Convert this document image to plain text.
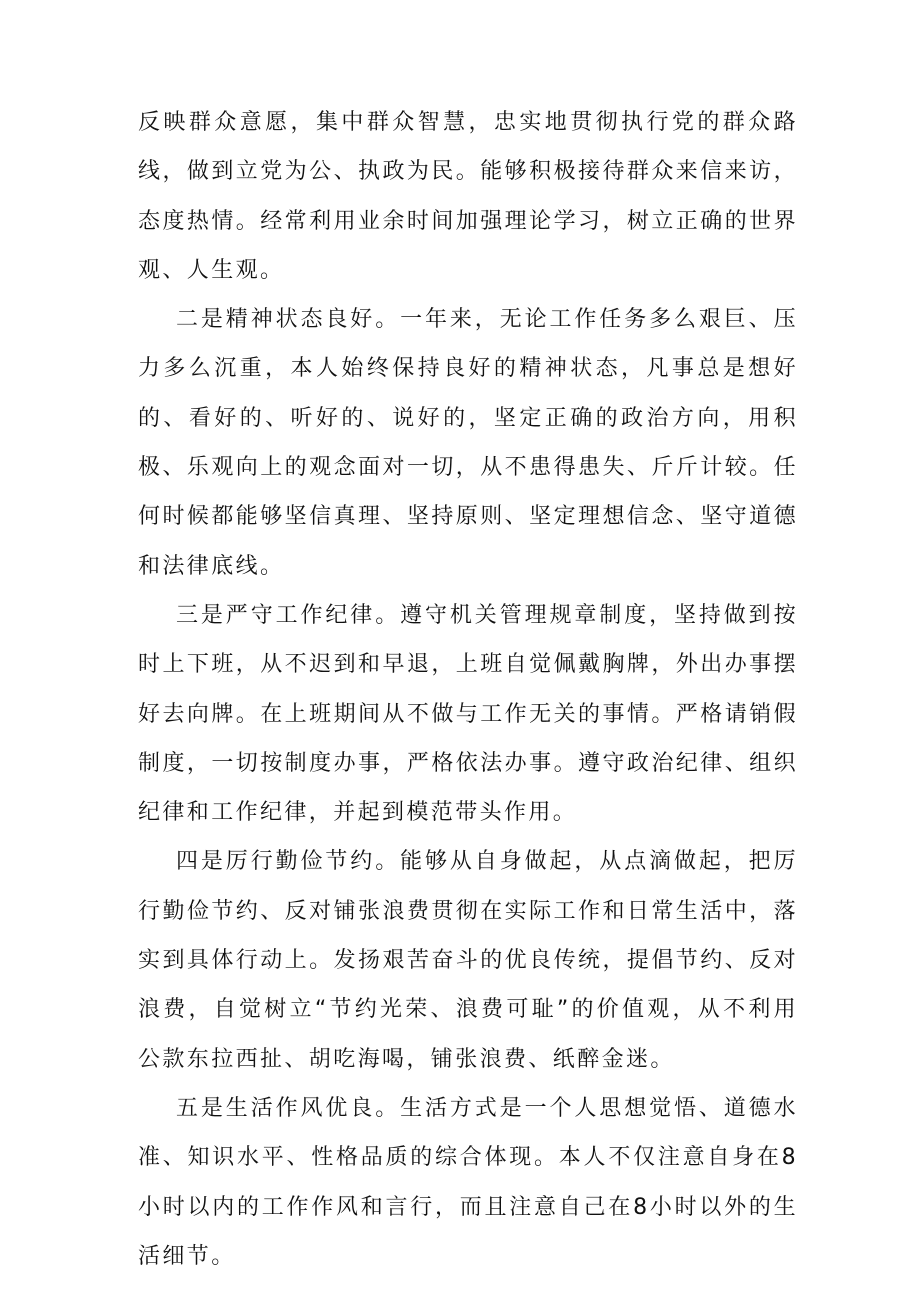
反映群众意愿，集中群众智慧，忠实地贯彻执行党的群众路线，做到立党为公、执政为民。能够积极接待群众来信来访，态度热情。经常利用业余时间加强理论学习，树立正确的世界观、人生观。

二是精神状态良好。一年来，无论工作任务多么艰巨、压力多么沉重，本人始终保持良好的精神状态，凡事总是想好的、看好的、听好的、说好的，坚定正确的政治方向，用积极、乐观向上的观念面对一切，从不患得患失、斤斤计较。任何时候都能够坚信真理、坚持原则、坚定理想信念、坚守道德和法律底线。

三是严守工作纪律。遵守机关管理规章制度，坚持做到按时上下班，从不迟到和早退，上班自觉佩戴胸牌，外出办事摆好去向牌。在上班期间从不做与工作无关的事情。严格请销假制度，一切按制度办事，严格依法办事。遵守政治纪律、组织纪律和工作纪律，并起到模范带头作用。

四是厉行勤俭节约。能够从自身做起，从点滴做起，把厉行勤俭节约、反对铺张浪费贯彻在实际工作和日常生活中，落实到具体行动上。发扬艰苦奋斗的优良传统，提倡节约、反对浪费，自觉树立“节约光荣、浪费可耻”的价值观，从不利用公款东拉西扯、胡吃海喝，铺张浪费、纸醉金迷。

五是生活作风优良。生活方式是一个人思想觉悟、道德水准、知识水平、性格品质的综合体现。本人不仅注意自身在8小时以内的工作作风和言行，而且注意自己在8小时以外的生活细节。
